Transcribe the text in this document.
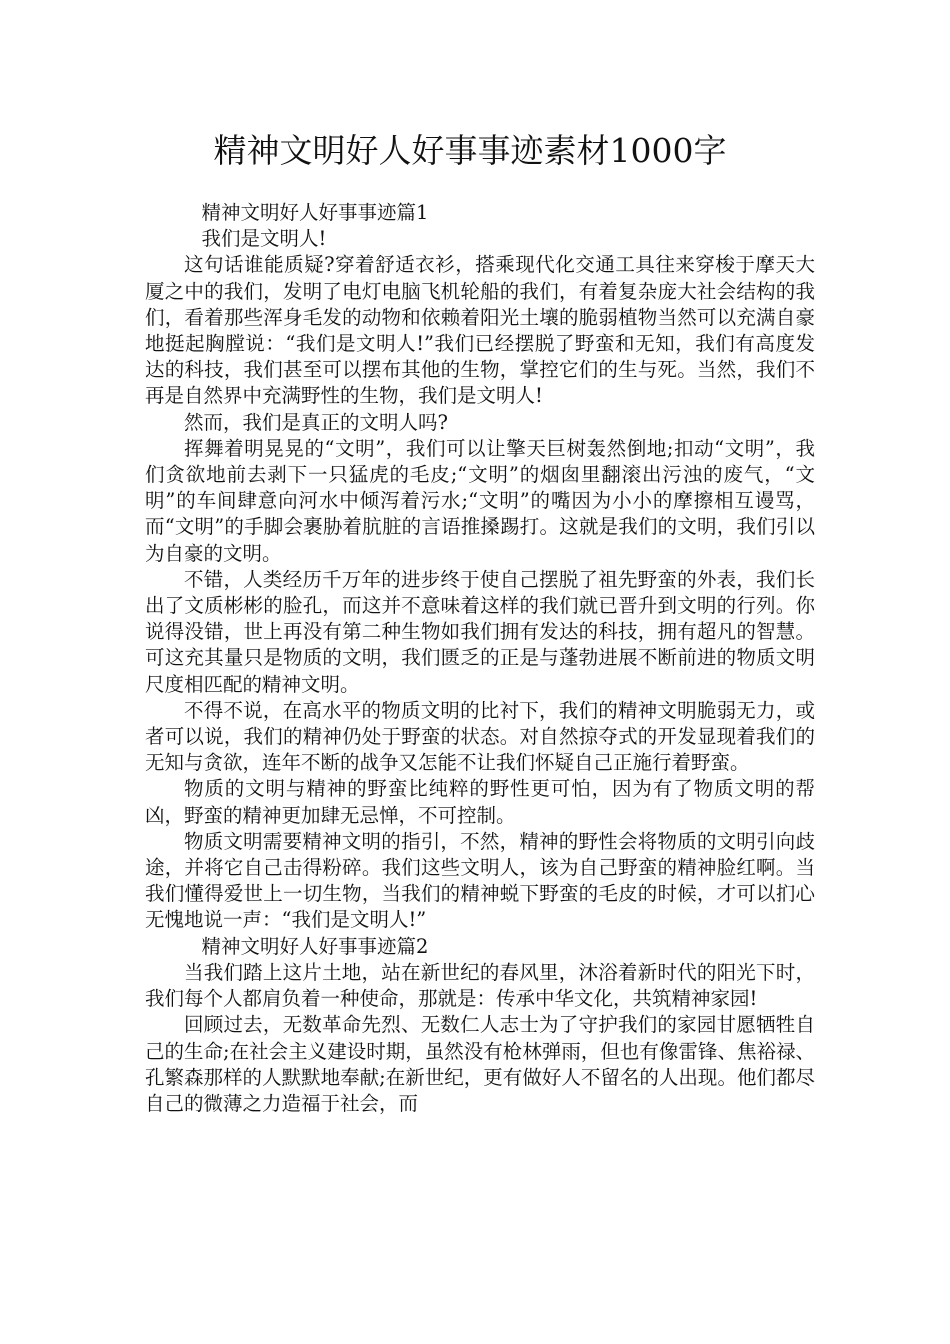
精神文明好人好事事迹素材1000字

精神文明好人好事事迹篇1

我们是文明人!

这句话谁能质疑?穿着舒适衣衫，搭乘现代化交通工具往来穿梭于摩天大厦之中的我们，发明了电灯电脑飞机轮船的我们，有着复杂庞大社会结构的我们，看着那些浑身毛发的动物和依赖着阳光土壤的脆弱植物当然可以充满自豪地挺起胸膛说：“我们是文明人!”我们已经摆脱了野蛮和无知，我们有高度发达的科技，我们甚至可以摆布其他的生物，掌控它们的生与死。当然，我们不再是自然界中充满野性的生物，我们是文明人!

然而，我们是真正的文明人吗?

挥舞着明晃晃的“文明”，我们可以让擎天巨树轰然倒地;扣动“文明”，我们贪欲地前去剥下一只猛虎的毛皮;“文明”的烟囱里翻滚出污浊的废气，“文明”的车间肆意向河水中倾泻着污水;“文明”的嘴因为小小的摩擦相互谩骂，而“文明”的手脚会裹胁着肮脏的言语推搡踢打。这就是我们的文明，我们引以为自豪的文明。

不错，人类经历千万年的进步终于使自己摆脱了祖先野蛮的外表，我们长出了文质彬彬的脸孔，而这并不意味着这样的我们就已晋升到文明的行列。你说得没错，世上再没有第二种生物如我们拥有发达的科技，拥有超凡的智慧。可这充其量只是物质的文明，我们匮乏的正是与蓬勃进展不断前进的物质文明尺度相匹配的精神文明。

不得不说，在高水平的物质文明的比衬下，我们的精神文明脆弱无力，或者可以说，我们的精神仍处于野蛮的状态。对自然掠夺式的开发显现着我们的无知与贪欲，连年不断的战争又怎能不让我们怀疑自己正施行着野蛮。

物质的文明与精神的野蛮比纯粹的野性更可怕，因为有了物质文明的帮凶，野蛮的精神更加肆无忌惮，不可控制。

物质文明需要精神文明的指引，不然，精神的野性会将物质的文明引向歧途，并将它自己击得粉碎。我们这些文明人，该为自己野蛮的精神脸红啊。当我们懂得爱世上一切生物，当我们的精神蜕下野蛮的毛皮的时候，才可以扪心无愧地说一声：“我们是文明人!”

精神文明好人好事事迹篇2

当我们踏上这片土地，站在新世纪的春风里，沐浴着新时代的阳光下时，我们每个人都肩负着一种使命，那就是：传承中华文化，共筑精神家园!

回顾过去，无数革命先烈、无数仁人志士为了守护我们的家园甘愿牺牲自己的生命;在社会主义建设时期，虽然没有枪林弹雨，但也有像雷锋、焦裕禄、孔繁森那样的人默默地奉献;在新世纪，更有做好人不留名的人出现。他们都尽自己的微薄之力造福于社会，而
